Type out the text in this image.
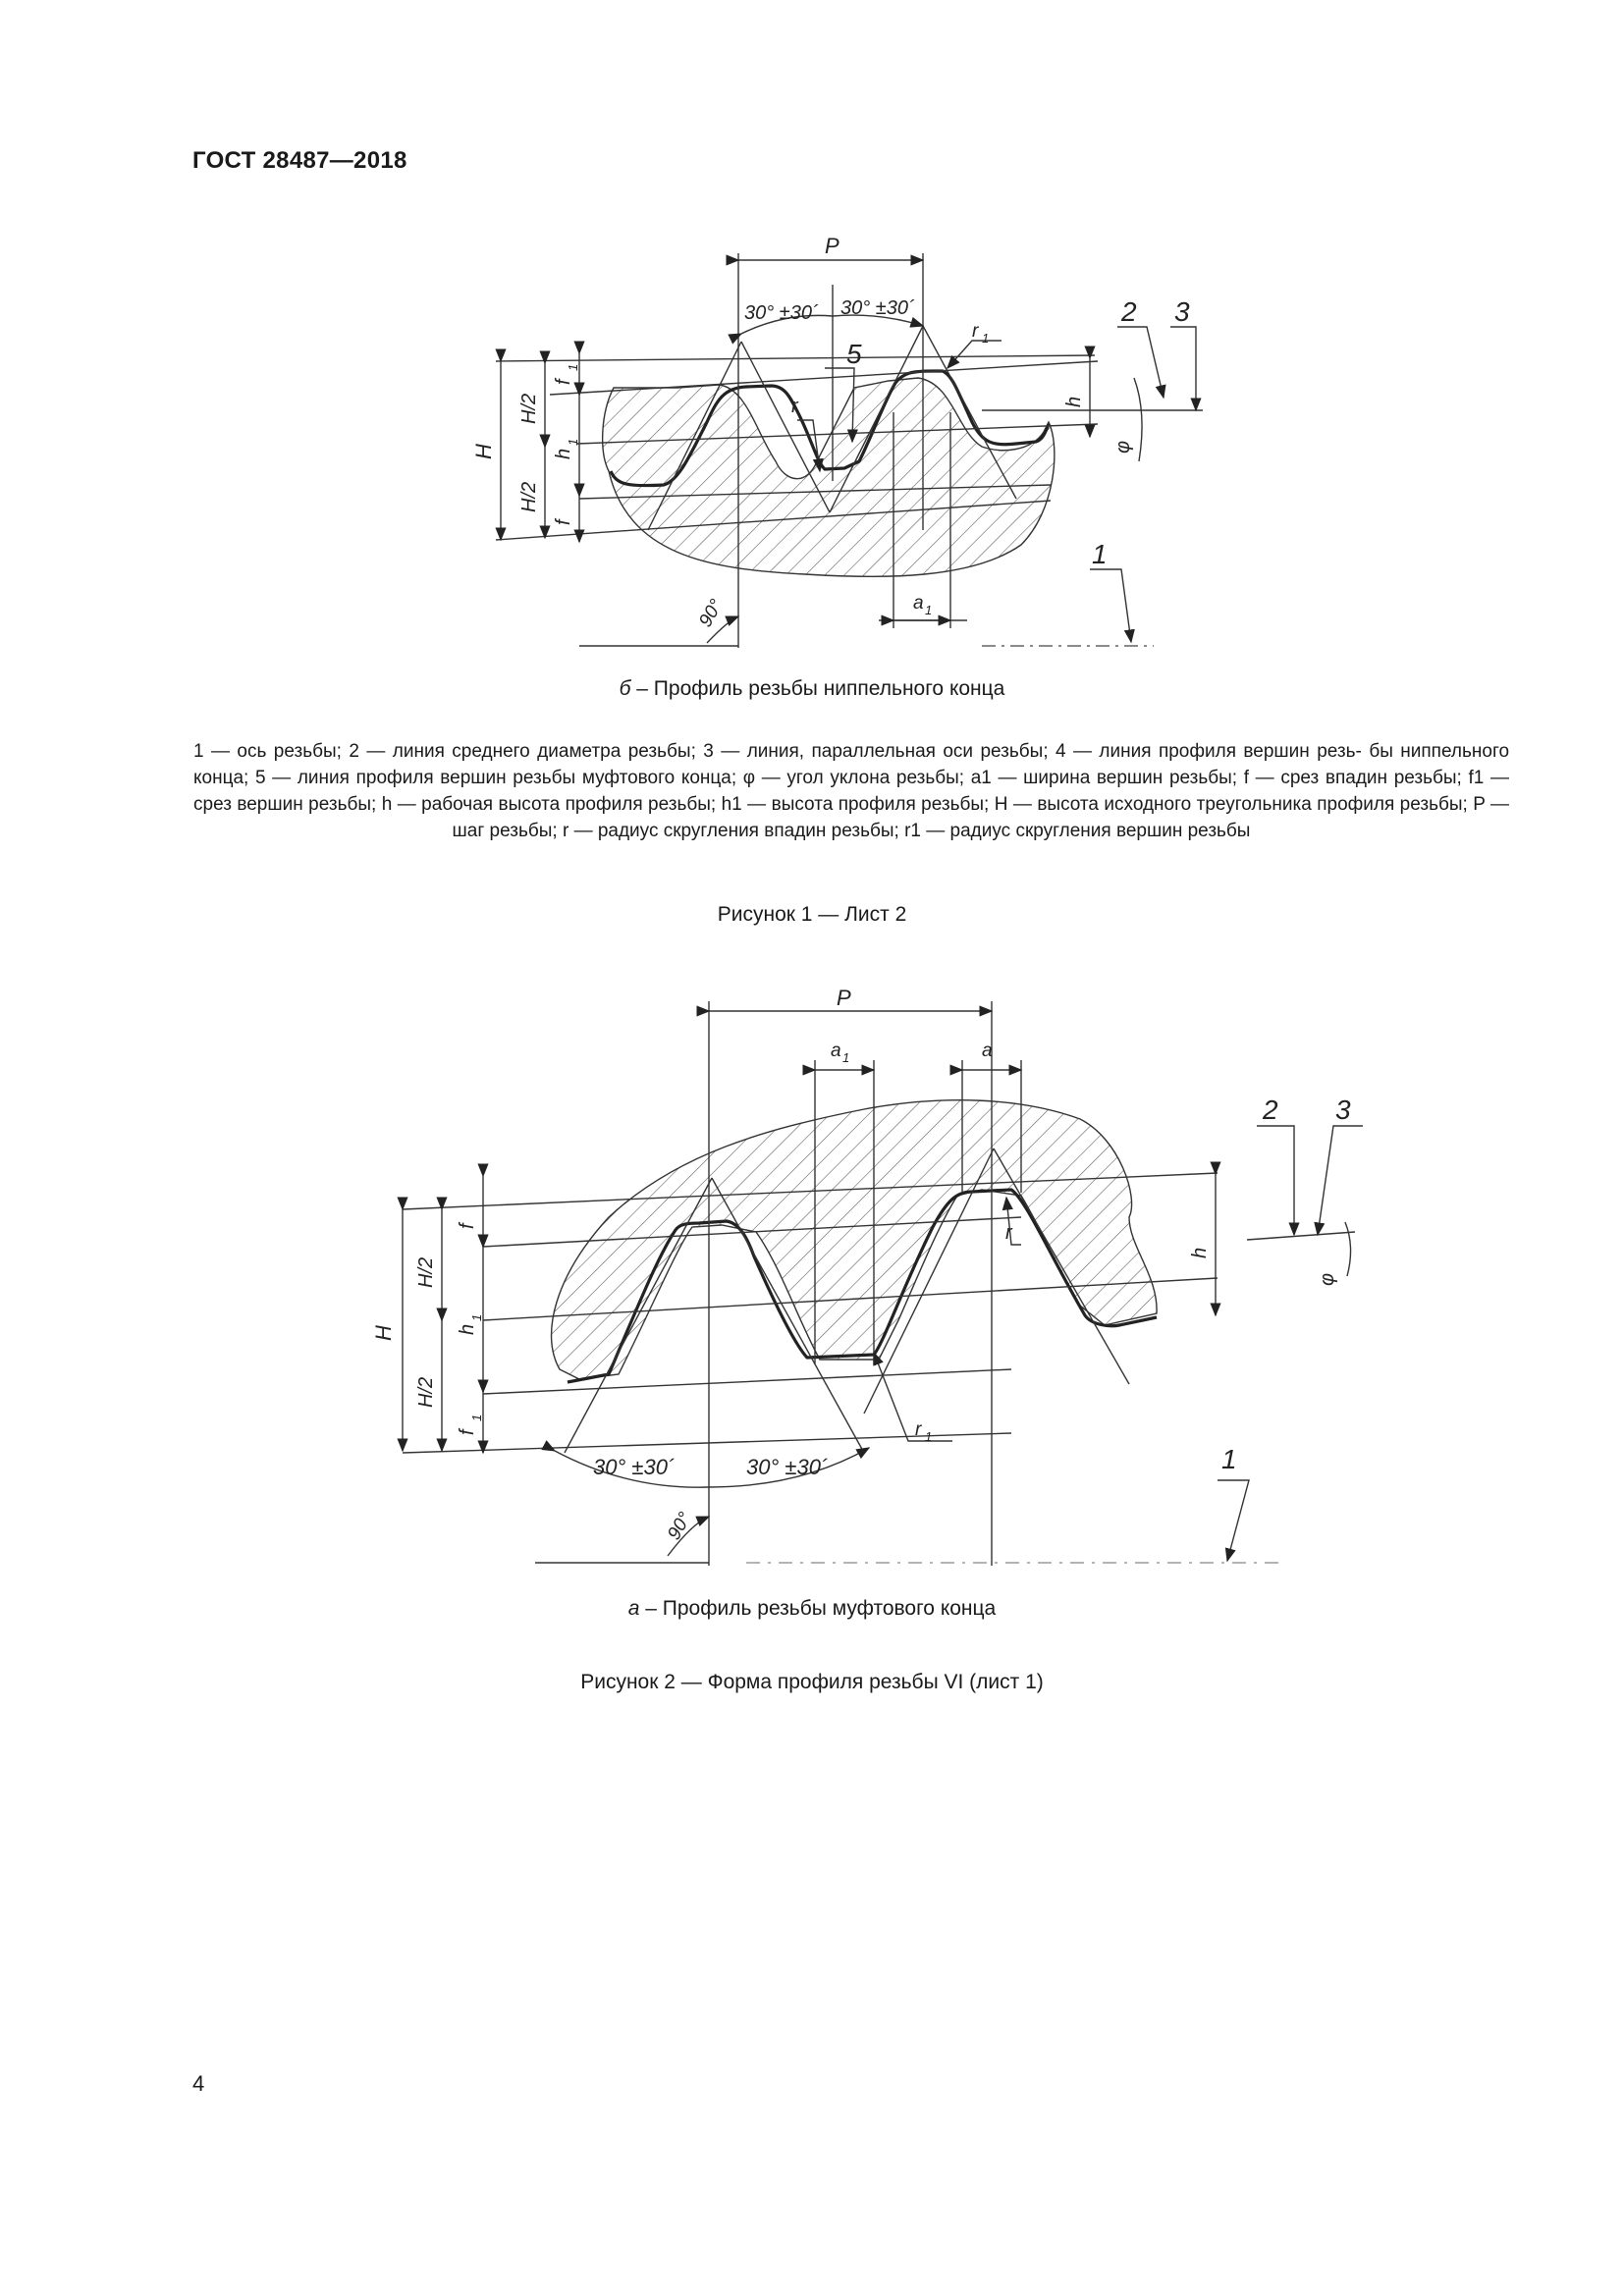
ГОСТ 28487—2018
P
30° ±30´ 30° ±30´
r 1
5
r
2 3
h
φ
H
H/2
H/2
f
1
h
1
f
a 1
90°
1
б – Профиль резьбы ниппельного конца
1 — ось резьбы; 2 — линия среднего диаметра резьбы; 3 — линия, параллельная оси резьбы; 4 — линия профиля вершин резь- бы ниппельного конца; 5 — линия профиля вершин резьбы муфтового конца; φ — угол уклона резьбы; a1 — ширина вершин резьбы; f — срез впадин резьбы; f1 — срез вершин резьбы; h — рабочая высота профиля резьбы; h1 — высота профиля резьбы; H — высота исходного треугольника профиля резьбы; P — шаг резьбы; r — радиус скругления впадин резьбы; r1 — радиус скругления вершин резьбы
Рисунок 1 — Лист 2
P
a 1	a
2 3
φ
h
r
r 1
H
H/2
H/2
f
h
1
f
1
30° ±30´	30° ±30´
90°
1
а – Профиль резьбы муфтового конца
Рисунок 2 — Форма профиля резьбы VI (лист 1)
4
